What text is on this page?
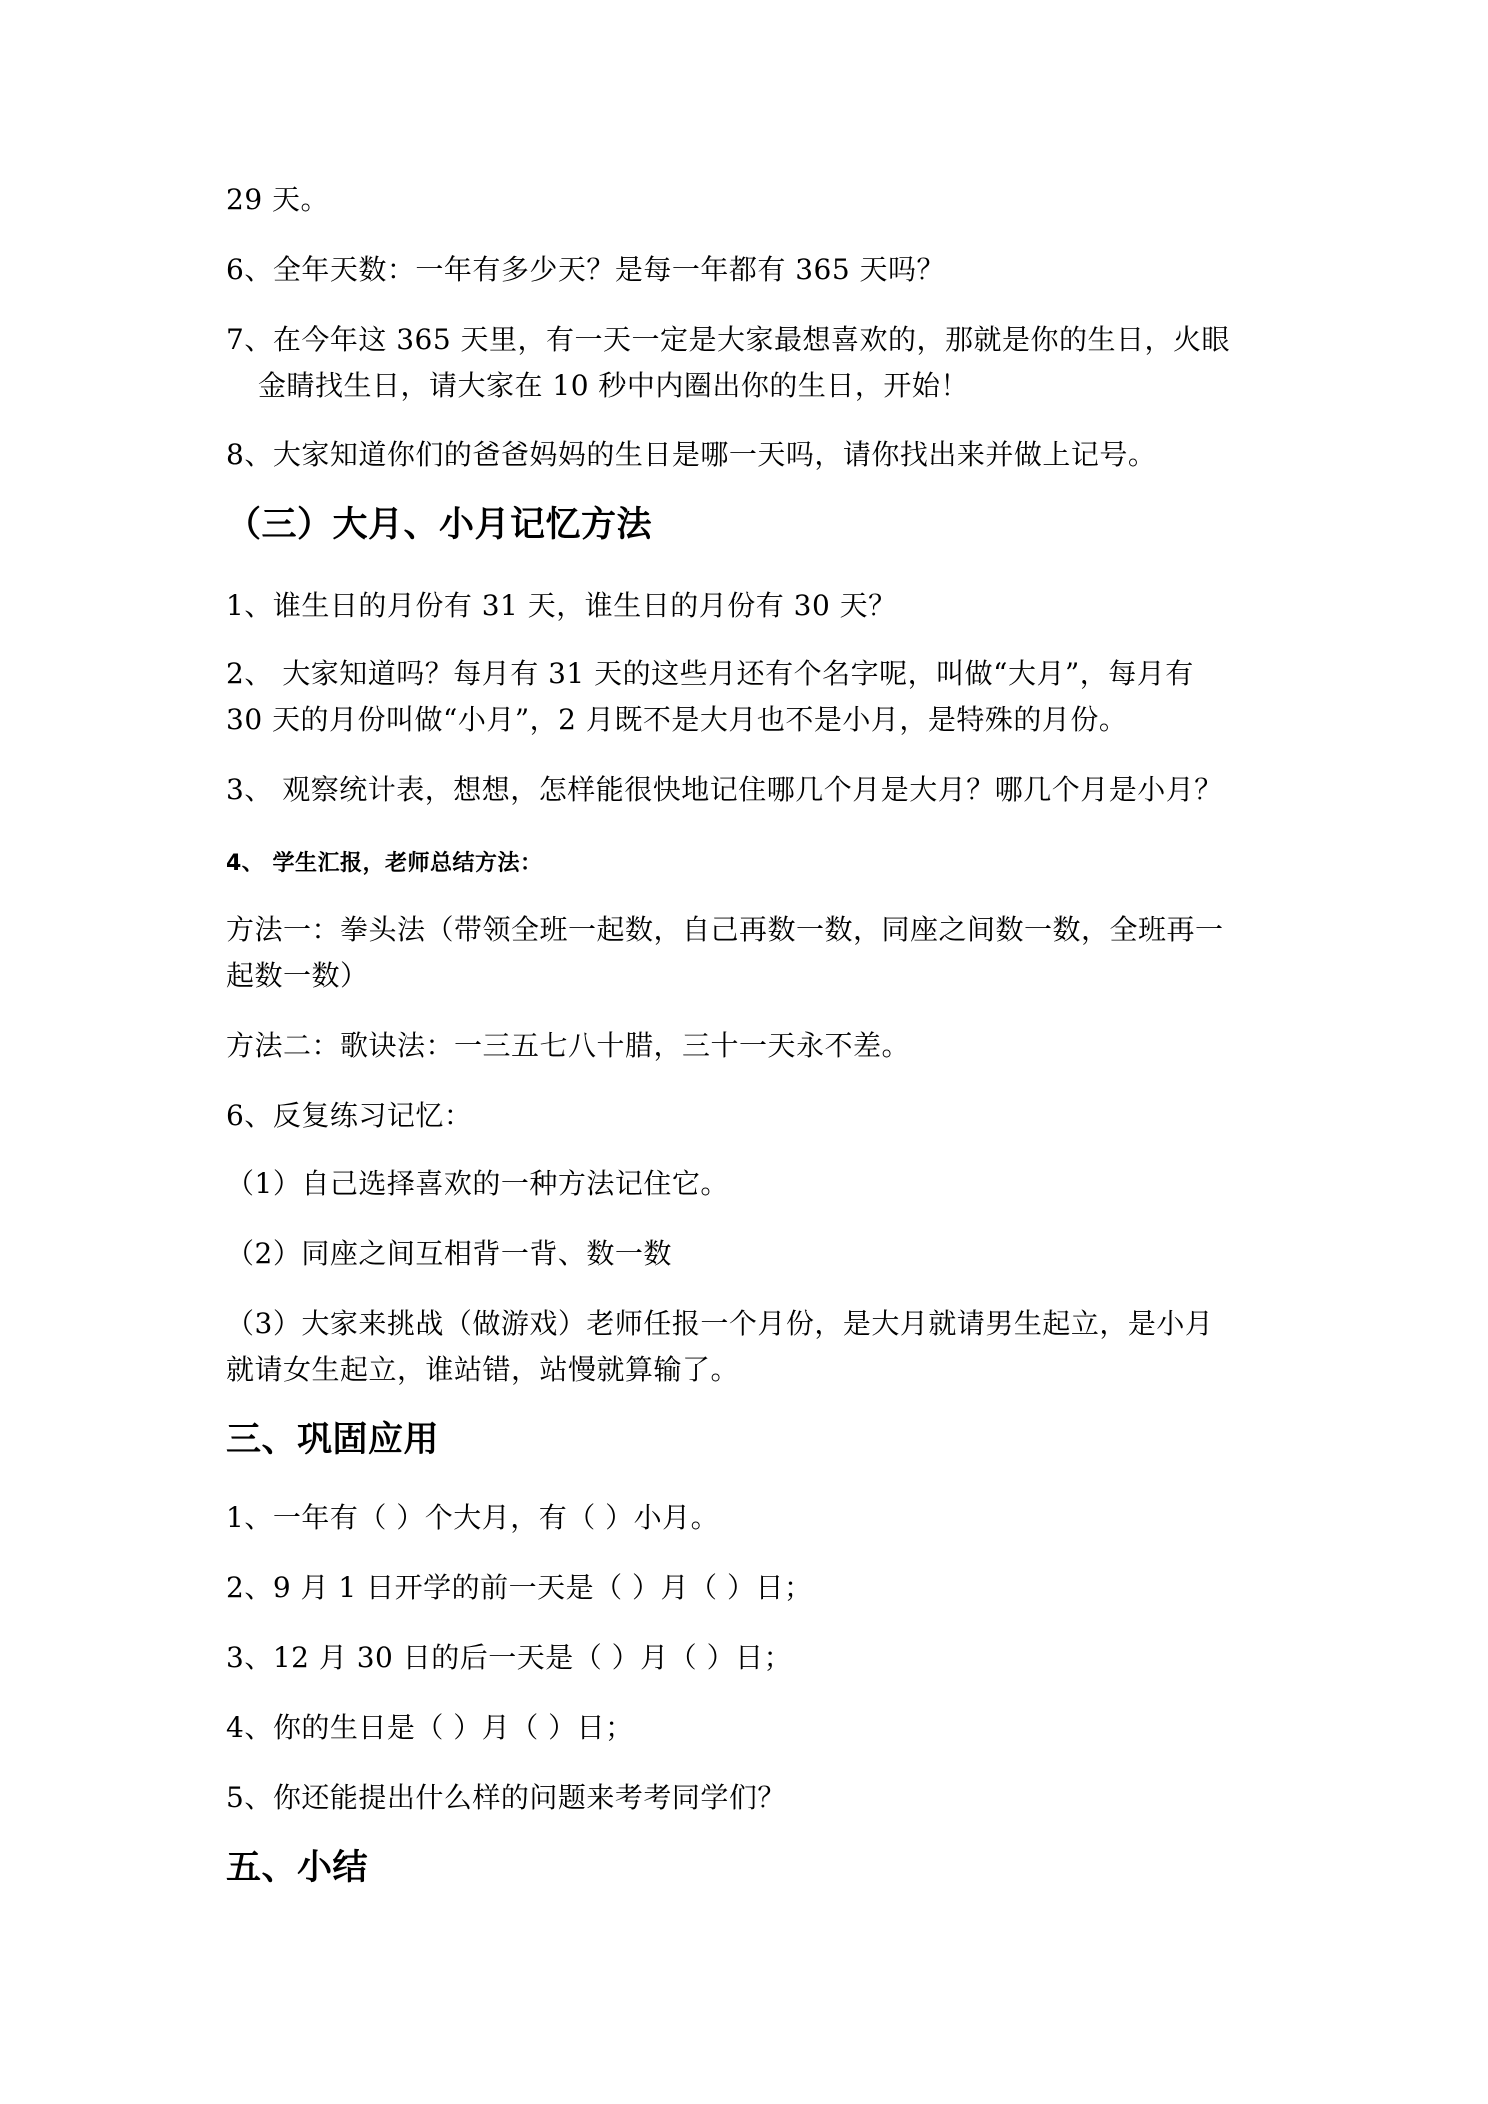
29 天。

6、全年天数：一年有多少天？是每一年都有 365 天吗？

7、在今年这 365 天里，有一天一定是大家最想喜欢的，那就是你的生日，火眼

金睛找生日，请大家在 10 秒中内圈出你的生日，开始！

8、大家知道你们的爸爸妈妈的生日是哪一天吗，请你找出来并做上记号。

（三）大月、小月记忆方法

1、谁生日的月份有 31 天，谁生日的月份有 30 天？

2、 大家知道吗？每月有 31 天的这些月还有个名字呢，叫做“大月”，每月有

30 天的月份叫做“小月”，2 月既不是大月也不是小月，是特殊的月份。

3、 观察统计表，想想，怎样能很快地记住哪几个月是大月？哪几个月是小月？

4、 学生汇报，老师总结方法：

方法一：拳头法（带领全班一起数，自己再数一数，同座之间数一数，全班再一

起数一数）

方法二：歌诀法：一三五七八十腊，三十一天永不差。

6、反复练习记忆：

（1）自己选择喜欢的一种方法记住它。

（2）同座之间互相背一背、数一数

（3）大家来挑战（做游戏）老师任报一个月份，是大月就请男生起立，是小月

就请女生起立，谁站错，站慢就算输了。

三、巩固应用

1、一年有（ ）个大月，有（ ）小月。

2、9 月 1 日开学的前一天是（ ）月（ ）日；

3、12 月 30 日的后一天是（ ）月（ ）日；

4、你的生日是（ ）月（ ）日；

5、你还能提出什么样的问题来考考同学们？

五、小结
